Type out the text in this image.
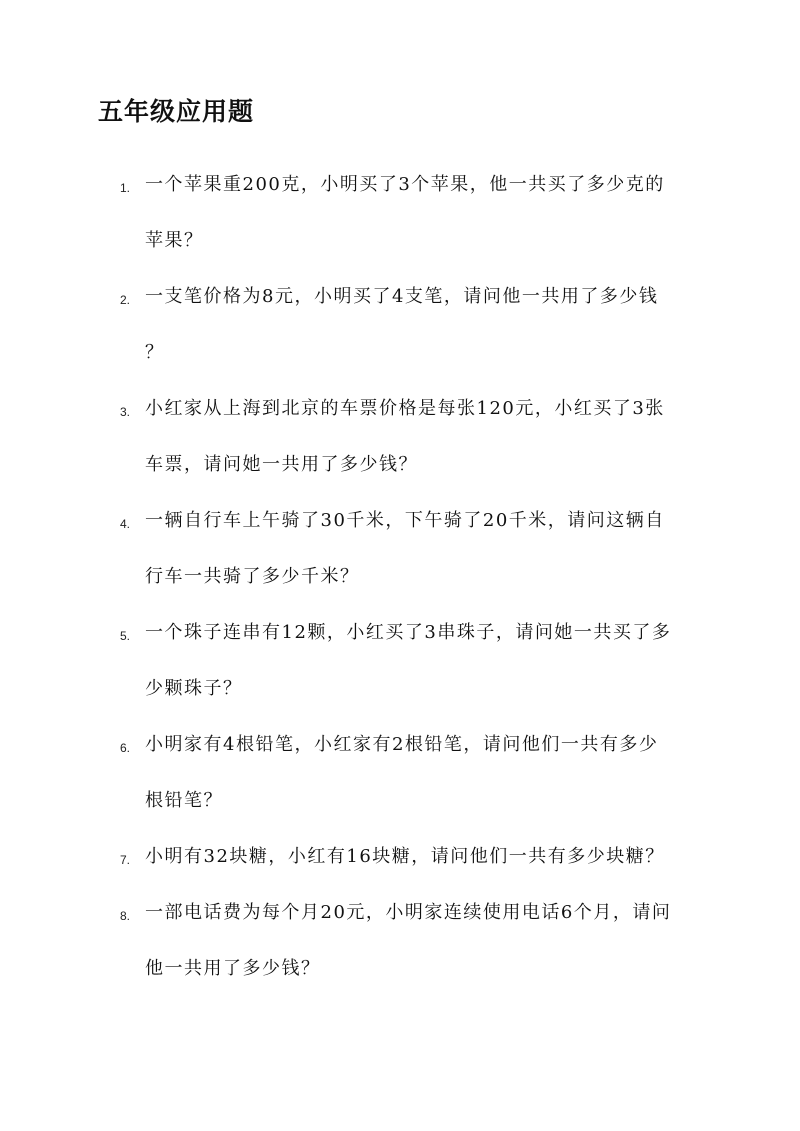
五年级应用题
1. 一个苹果重200克，小明买了3个苹果，他一共买了多少克的
苹果？
2. 一支笔价格为8元，小明买了4支笔，请问他一共用了多少钱
？
3. 小红家从上海到北京的车票价格是每张120元，小红买了3张
车票，请问她一共用了多少钱？
4. 一辆自行车上午骑了30千米，下午骑了20千米，请问这辆自
行车一共骑了多少千米？
5. 一个珠子连串有12颗，小红买了3串珠子，请问她一共买了多
少颗珠子？
6. 小明家有4根铅笔，小红家有2根铅笔，请问他们一共有多少
根铅笔？
7. 小明有32块糖，小红有16块糖，请问他们一共有多少块糖？
8. 一部电话费为每个月20元，小明家连续使用电话6个月，请问
他一共用了多少钱？
